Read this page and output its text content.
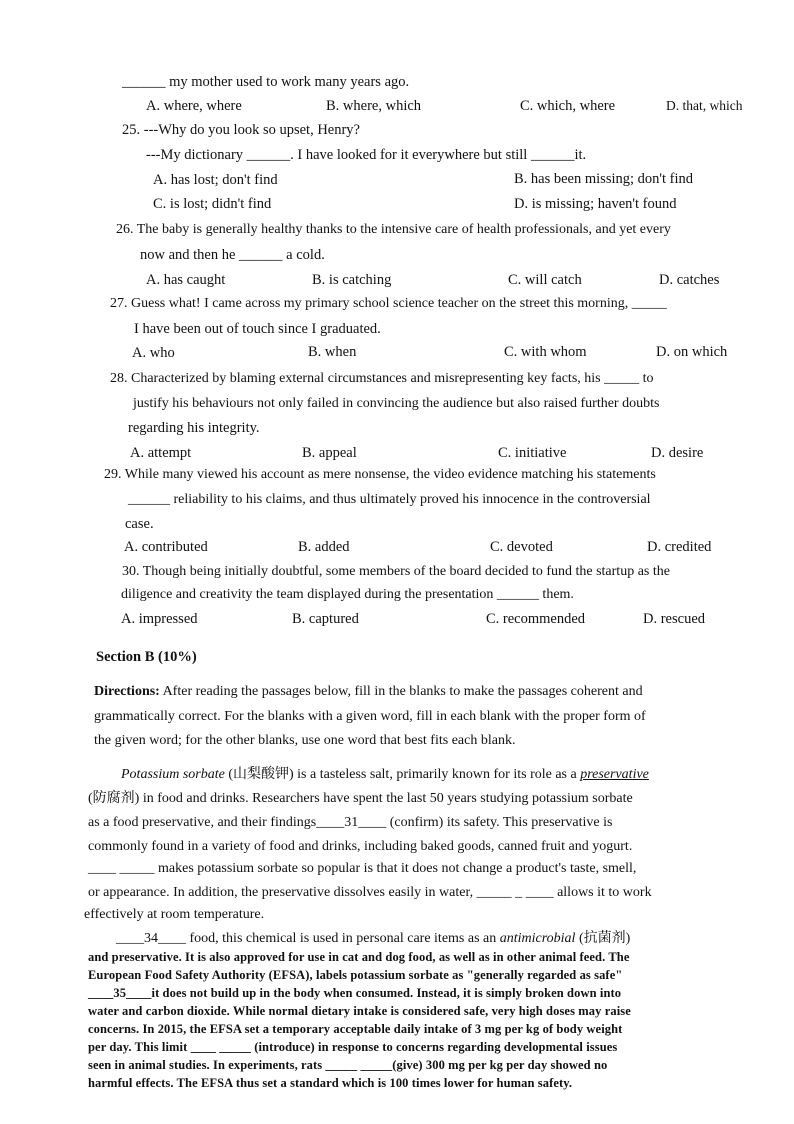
______ my mother used to work many years ago.
A. where, where	B. where, which	C. which, where	D. that, which
25. ---Why do you look so upset, Henry?
---My dictionary ______. I have looked for it everywhere but still ______it.
A. has lost; don't find	B. has been missing; don't find
C. is lost; didn't find	D. is missing; haven't found
26. The baby is generally healthy thanks to the intensive care of health professionals, and yet every
now and then he ______ a cold.
A. has caught	B. is catching	C. will catch	D. catches
27. Guess what! I came across my primary school science teacher on the street this morning, _____
I have been out of touch since I graduated.
A. who	B. when	C. with whom	D. on which
28. Characterized by blaming external circumstances and misrepresenting key facts, his _____ to
justify his behaviours not only failed in convincing the audience but also raised further doubts
regarding his integrity.
A. attempt	B. appeal	C. initiative	D. desire
29. While many viewed his account as mere nonsense, the video evidence matching his statements
______ reliability to his claims, and thus ultimately proved his innocence in the controversial
case.
A. contributed	B. added	C. devoted	D. credited
30. Though being initially doubtful, some members of the board decided to fund the startup as the
diligence and creativity the team displayed during the presentation ______ them.
A. impressed	B. captured	C. recommended	D. rescued
Section B (10%)
Directions: After reading the passages below, fill in the blanks to make the passages coherent and
grammatically correct. For the blanks with a given word, fill in each blank with the proper form of
the given word; for the other blanks, use one word that best fits each blank.
Potassium sorbate (山梨酸钾) is a tasteless salt, primarily known for its role as a preservative
(防腐剂) in food and drinks. Researchers have spent the last 50 years studying potassium sorbate
as a food preservative, and their findings____31____ (confirm) its safety. This preservative is
commonly found in a variety of food and drinks, including baked goods, canned fruit and yogurt.
____ _____ makes potassium sorbate so popular is that it does not change a product's taste, smell,
or appearance. In addition, the preservative dissolves easily in water, _____ _ ____ allows it to work
effectively at room temperature.
____34____ food, this chemical is used in personal care items as an antimicrobial (抗菌剂)
and preservative. It is also approved for use in cat and dog food, as well as in other animal feed. The
European Food Safety Authority (EFSA), labels potassium sorbate as "generally regarded as safe"
____35____it does not build up in the body when consumed. Instead, it is simply broken down into
water and carbon dioxide. While normal dietary intake is considered safe, very high doses may raise
concerns. In 2015, the EFSA set a temporary acceptable daily intake of 3 mg per kg of body weight
per day. This limit ____ _____ (introduce) in response to concerns regarding developmental issues
seen in animal studies. In experiments, rats _____ _____(give) 300 mg per kg per day showed no
harmful effects. The EFSA thus set a standard which is 100 times lower for human safety.
